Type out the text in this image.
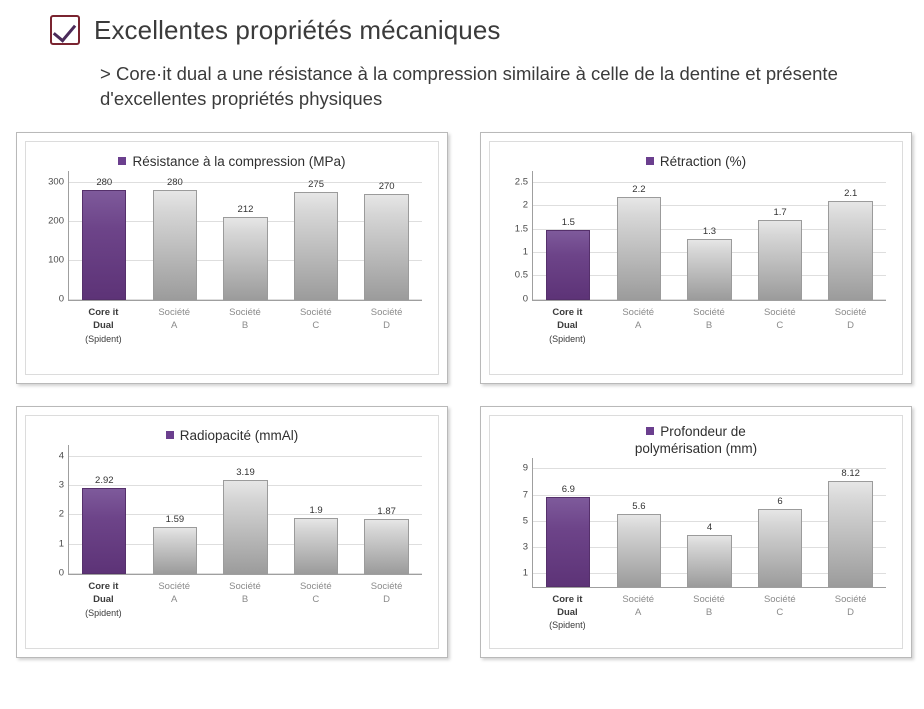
Excellentes propriétés mécaniques
> Core·it dual a une résistance à la compression similaire à celle de la dentine et présente d'excellentes propriétés physiques
Résistance à la compression (MPa)
0
100
200
300	280	280
212
275	270
Core it
Dual
(Spident)
Société
A
Société
B
Société
C
Société
D
Rétraction (%)
0
0.5
1
1.5
2
2.5
1.5
2.2
1.3
1.7
2.1
Core it
Dual
(Spident)
Société
A
Société
B
Société
C
Société
D
Radiopacité (mmAl)
0
1
2
3
4
2.92
1.59
3.19
1.9	1.87
Core it
Dual
(Spident)
Société
A
Société
B
Société
C
Société
D
Profondeur de
polymérisation (mm)
1
3
5
7
9
6.9
5.6
4
6
8.12
Core it
Dual
(Spident)
Société
A
Société
B
Société
C
Société
D
